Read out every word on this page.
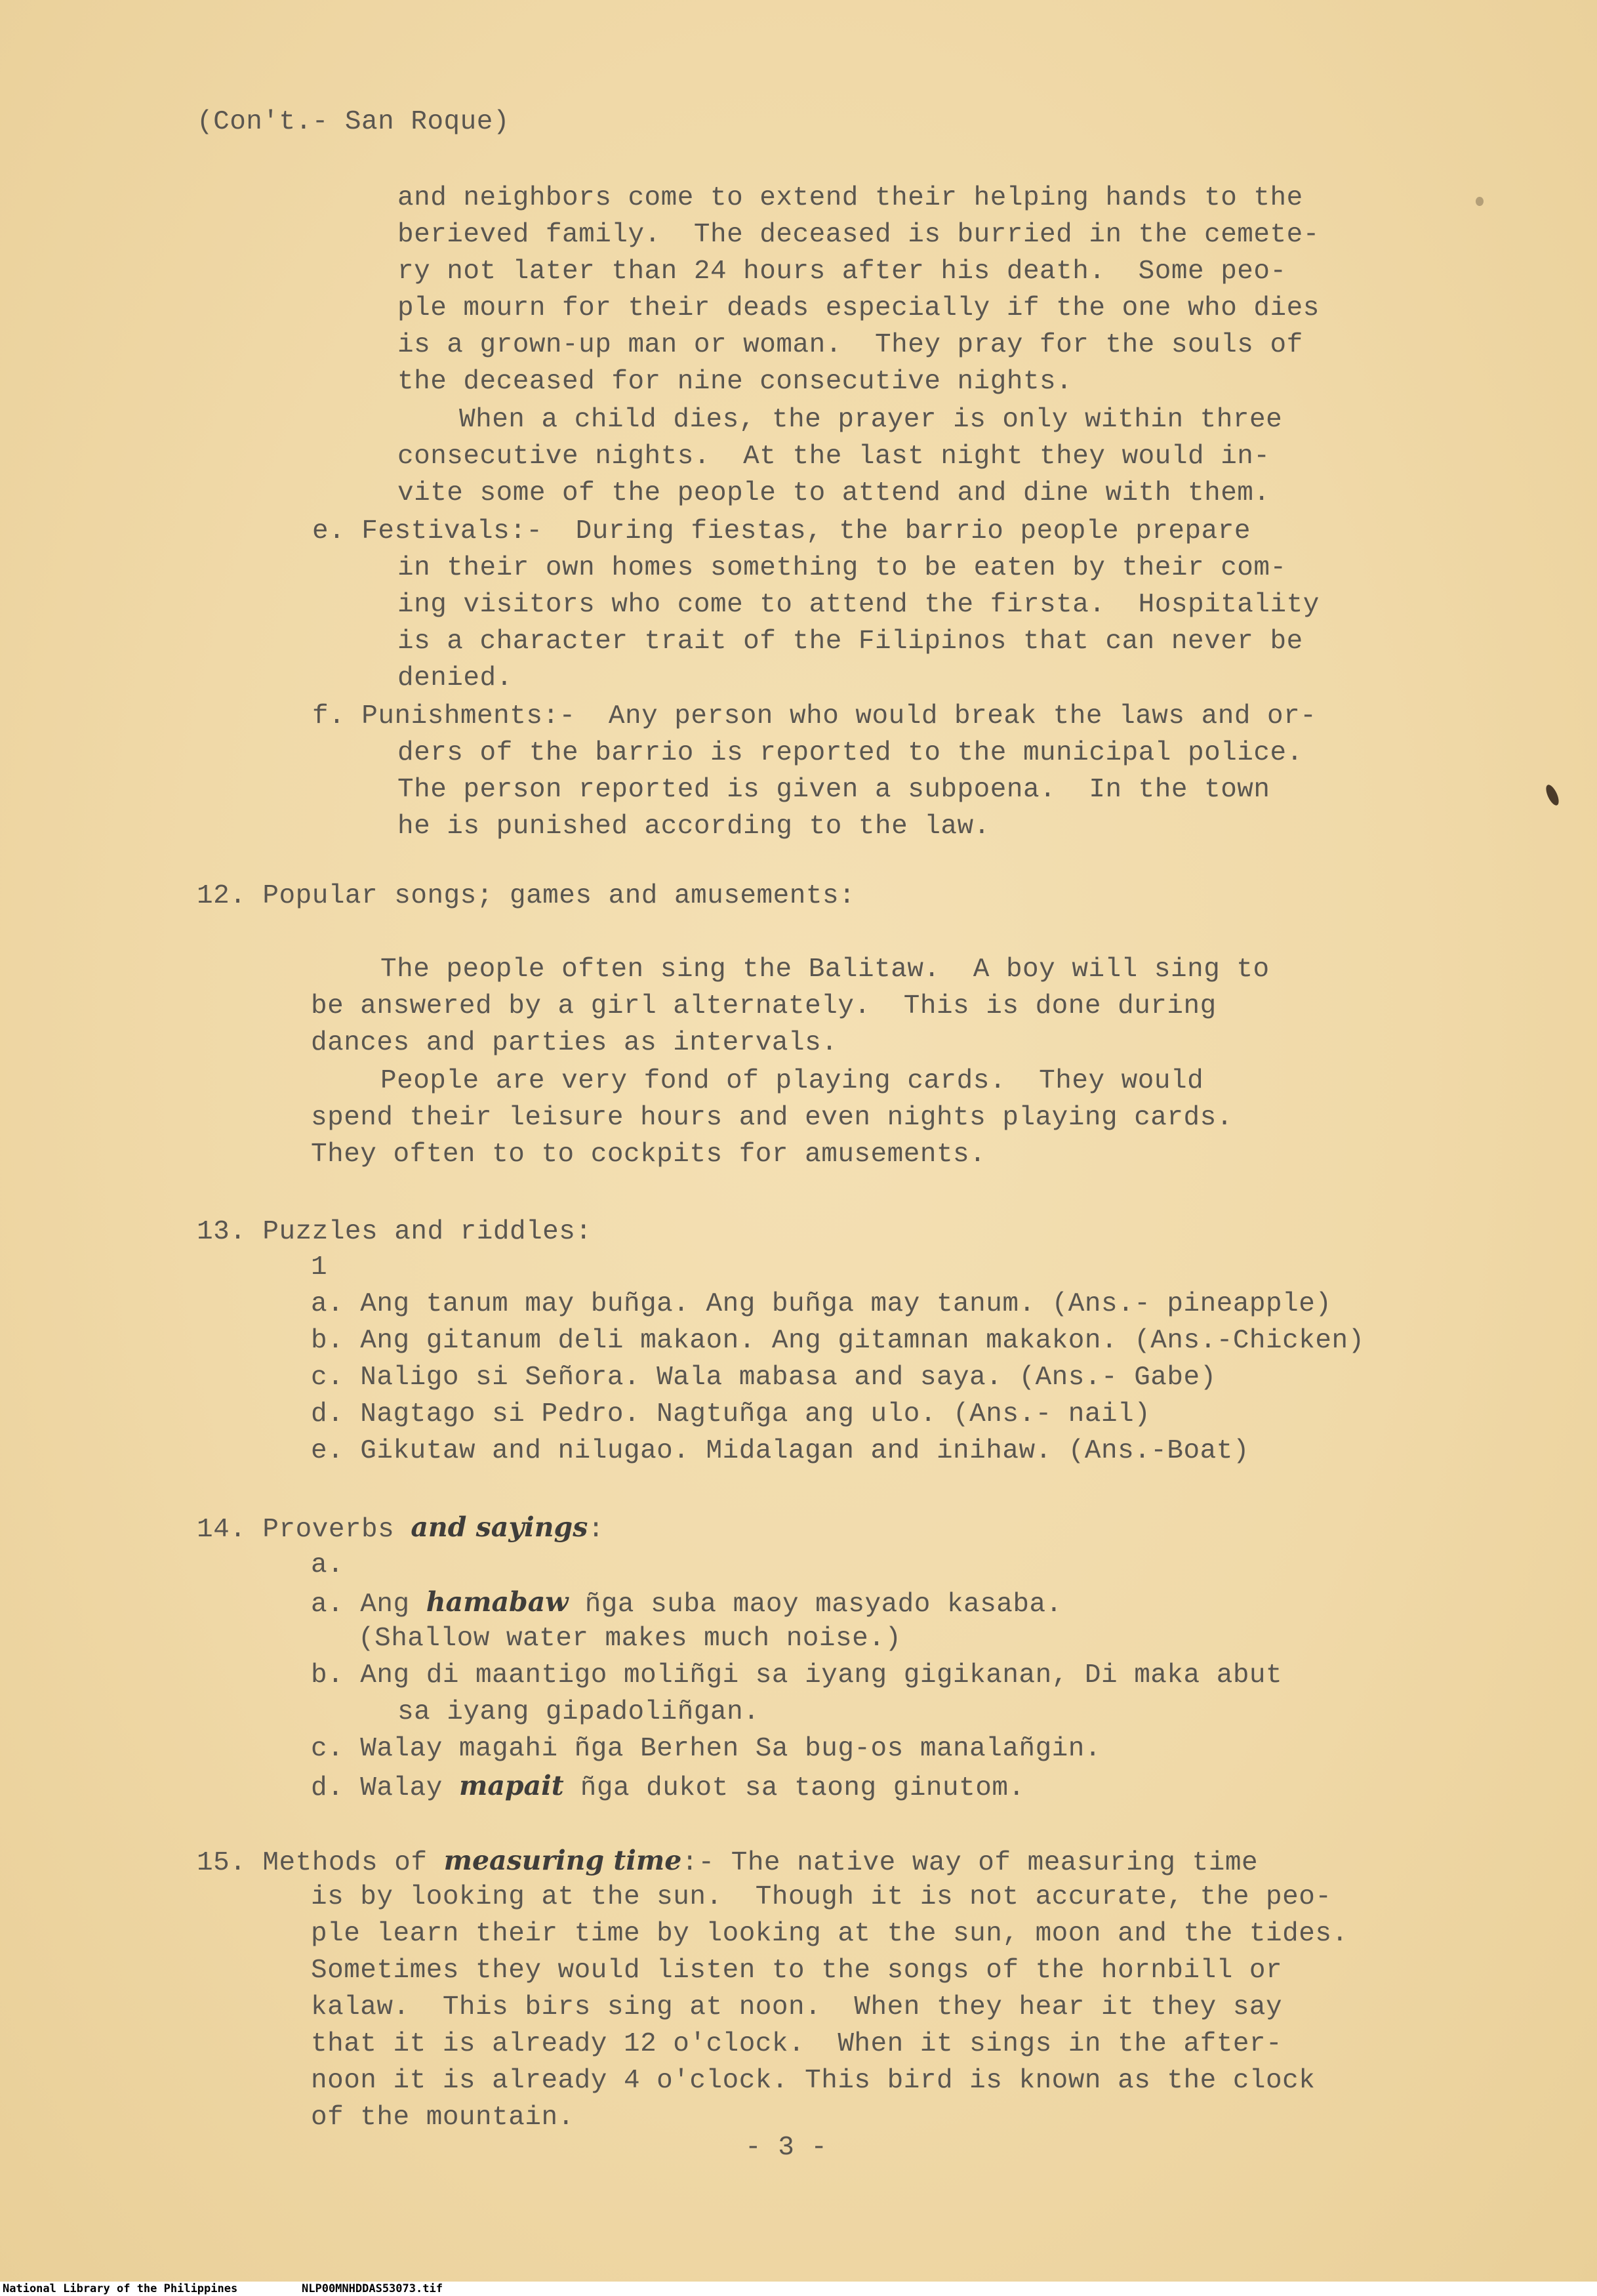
(Con't.- San Roque)
and neighbors come to extend their helping hands to the
berieved family.  The deceased is burried in the cemete-
ry not later than 24 hours after his death.  Some peo-
ple mourn for their deads especially if the one who dies
is a grown-up man or woman.  They pray for the souls of
the deceased for nine consecutive nights.
When a child dies, the prayer is only within three
consecutive nights.  At the last night they would in-
vite some of the people to attend and dine with them.
e. Festivals:-  During fiestas, the barrio people prepare
in their own homes something to be eaten by their com-
ing visitors who come to attend the firsta.  Hospitality
is a character trait of the Filipinos that can never be
denied.
f. Punishments:-  Any person who would break the laws and or-
ders of the barrio is reported to the municipal police.
The person reported is given a subpoena.  In the town
he is punished according to the law.
12. Popular songs; games and amusements:
The people often sing the Balitaw.  A boy will sing to
be answered by a girl alternately.  This is done during
dances and parties as intervals.
People are very fond of playing cards.  They would
spend their leisure hours and even nights playing cards.
They often to to cockpits for amusements.
13. Puzzles and riddles:
1
a. Ang tanum may buñga. Ang buñga may tanum. (Ans.- pineapple)
b. Ang gitanum deli makaon. Ang gitamnan makakon. (Ans.-Chicken)
c. Naligo si Señora. Wala mabasa and saya. (Ans.- Gabe)
d. Nagtago si Pedro. Nagtuñga ang ulo. (Ans.- nail)
e. Gikutaw and nilugao. Midalagan and inihaw. (Ans.-Boat)
14. Proverbs and sayings:
a.
a. Ang hamabaw ñga suba maoy masyado kasaba.
(Shallow water makes much noise.)
b. Ang di maantigo moliñgi sa iyang gigikanan, Di maka abut
sa iyang gipadoliñgan.
c. Walay magahi ñga Berhen Sa bug-os manalañgin.
d. Walay mapait ñga dukot sa taong ginutom.
15. Methods of measuring time:- The native way of measuring time
is by looking at the sun.  Though it is not accurate, the peo-
ple learn their time by looking at the sun, moon and the tides.
Sometimes they would listen to the songs of the hornbill or
kalaw.  This birs sing at noon.  When they hear it they say
that it is already 12 o'clock.  When it sings in the after-
noon it is already 4 o'clock. This bird is known as the clock
of the mountain.
- 3 -
National Library of the Philippines	NLP00MNHDDAS53073.tif
